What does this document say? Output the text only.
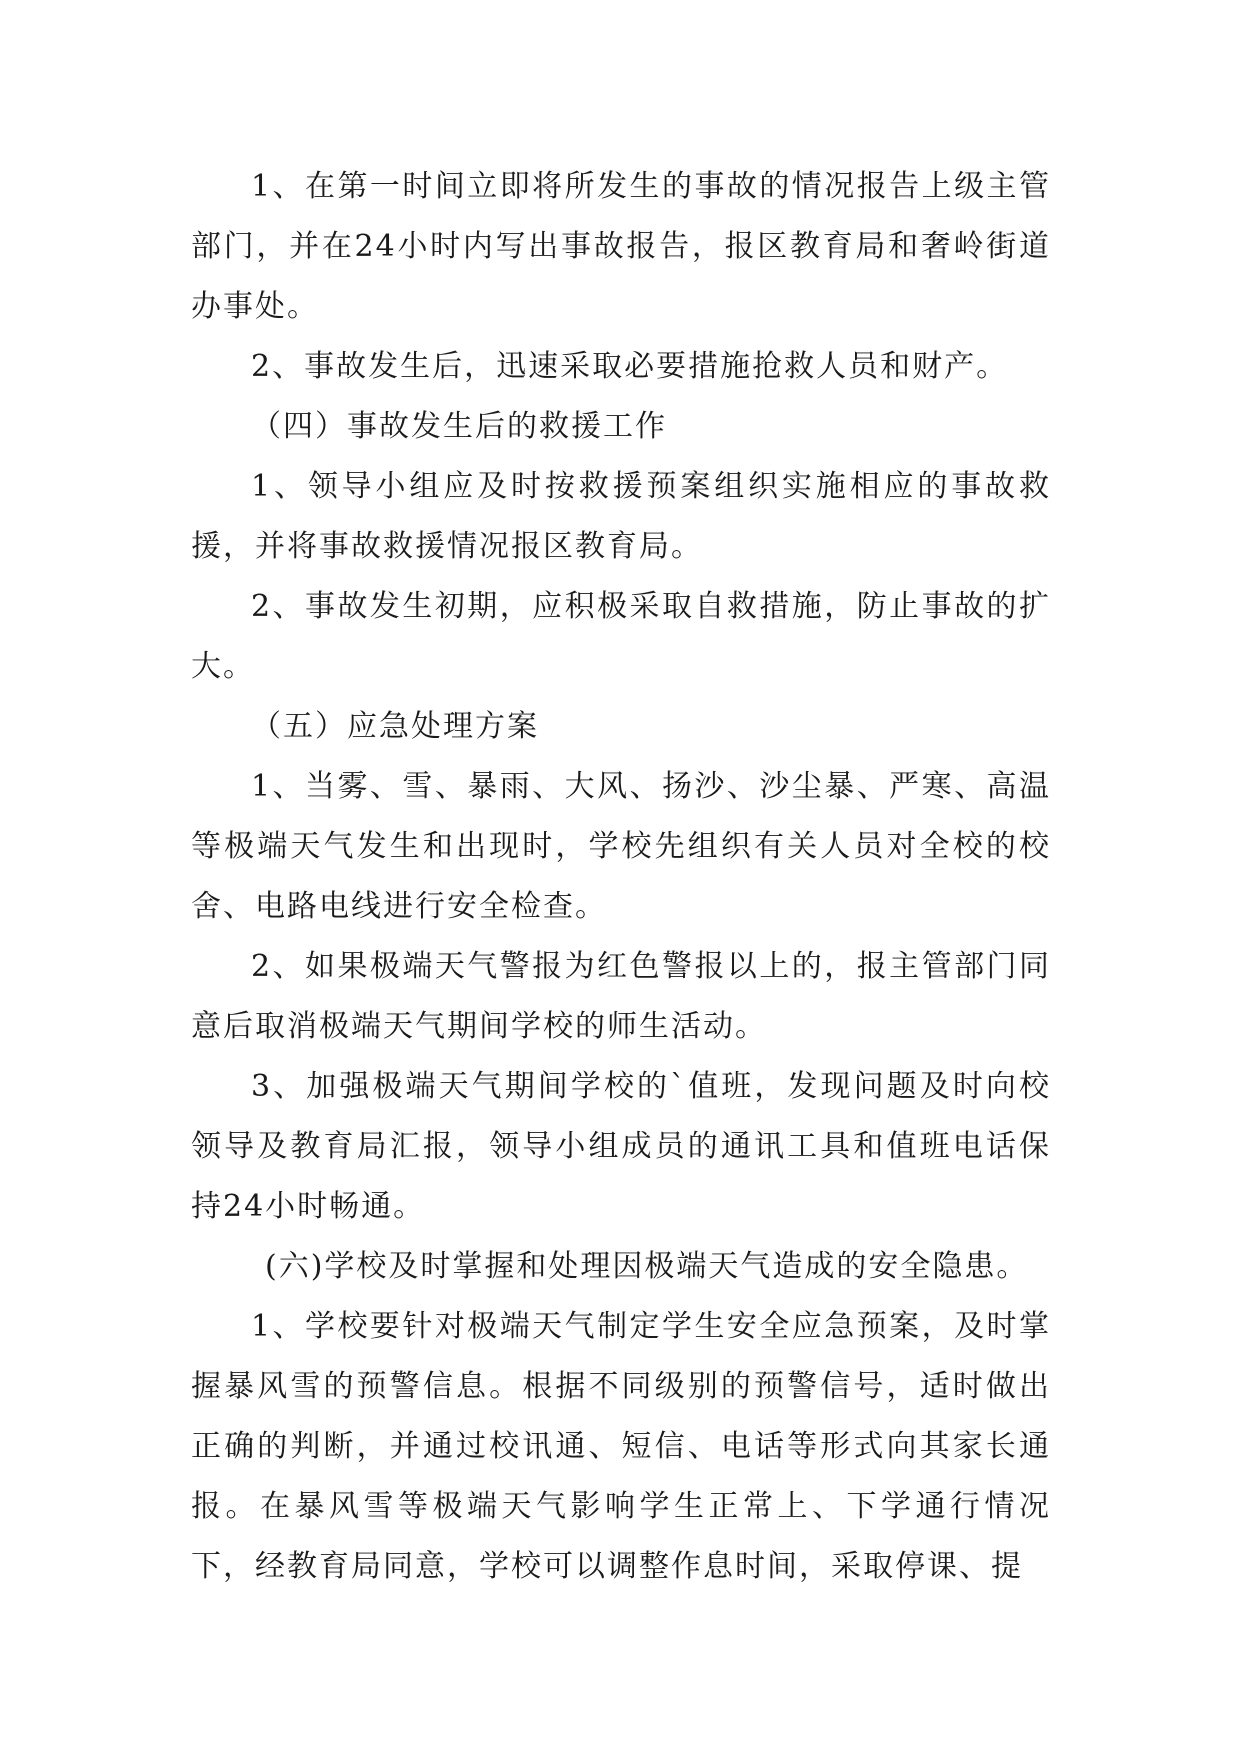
1、在第一时间立即将所发生的事故的情况报告上级主管部门，并在24小时内写出事故报告，报区教育局和奢岭街道办事处。

2、事故发生后，迅速采取必要措施抢救人员和财产。

（四）事故发生后的救援工作

1、领导小组应及时按救援预案组织实施相应的事故救援，并将事故救援情况报区教育局。

2、事故发生初期，应积极采取自救措施，防止事故的扩大。

（五）应急处理方案

1、当雾、雪、暴雨、大风、扬沙、沙尘暴、严寒、高温等极端天气发生和出现时，学校先组织有关人员对全校的校舍、电路电线进行安全检查。

2、如果极端天气警报为红色警报以上的，报主管部门同意后取消极端天气期间学校的师生活动。

3、加强极端天气期间学校的`值班，发现问题及时向校领导及教育局汇报，领导小组成员的通讯工具和值班电话保持24小时畅通。

(六)学校及时掌握和处理因极端天气造成的安全隐患。

1、学校要针对极端天气制定学生安全应急预案，及时掌握暴风雪的预警信息。根据不同级别的预警信号，适时做出正确的判断，并通过校讯通、短信、电话等形式向其家长通报。在暴风雪等极端天气影响学生正常上、下学通行情况下，经教育局同意，学校可以调整作息时间，采取停课、提
